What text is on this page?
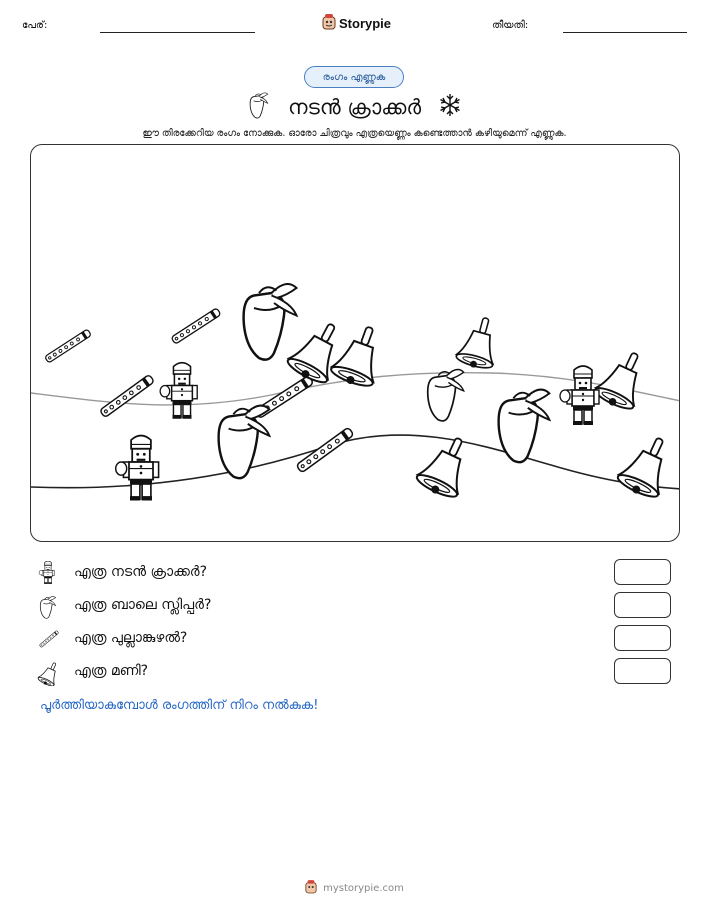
പേര്:	Storypie	തീയതി:
രംഗം എണ്ണുക
നടൻ ക്രാക്കർ
ഈ തിരക്കേറിയ രംഗം നോക്കുക. ഓരോ ചിത്രവും എത്രയെണ്ണം കണ്ടെത്താൻ കഴിയുമെന്ന് എണ്ണുക.
എത്ര നടൻ ക്രാക്കർ?
എത്ര ബാലെ സ്ലിപ്പർ?
എത്ര പുല്ലാങ്കുഴൽ?
എത്ര മണി?
പൂർത്തിയാകുമ്പോൾ രംഗത്തിന് നിറം നൽകുക!
mystorypie.com
